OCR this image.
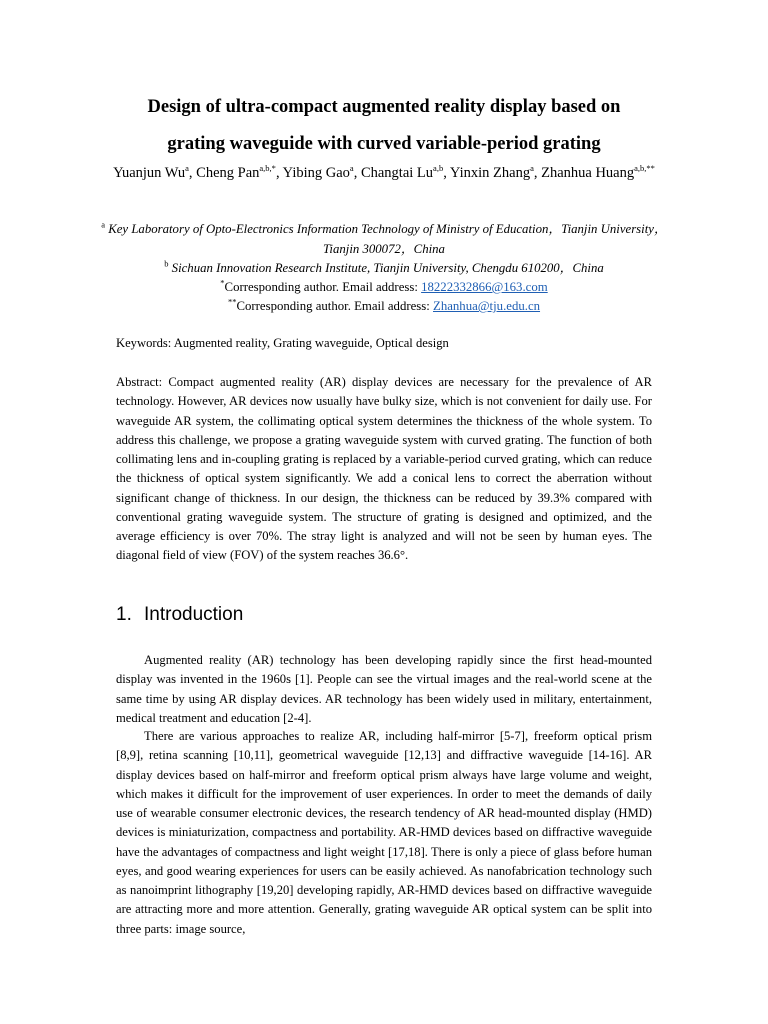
Design of ultra-compact augmented reality display based on
grating waveguide with curved variable-period grating
Yuanjun Wu$^a$, Cheng Pan$^{a,b,*}$, Yibing Gao$^a$, Changtai Lu$^{a,b}$, Yinxin Zhang$^a$, Zhanhua Huang$^{a,b,**}$
$^a$ Key Laboratory of Opto-Electronics Information Technology of Ministry of Education，Tianjin University，Tianjin 300072，China
$^b$ Sichuan Innovation Research Institute, Tianjin University, Chengdu 610200，China
*Corresponding author. Email address: 18222332866@163.com
**Corresponding author. Email address: Zhanhua@tju.edu.cn
Keywords: Augmented reality, Grating waveguide, Optical design
Abstract: Compact augmented reality (AR) display devices are necessary for the prevalence of AR technology. However, AR devices now usually have bulky size, which is not convenient for daily use. For waveguide AR system, the collimating optical system determines the thickness of the whole system. To address this challenge, we propose a grating waveguide system with curved grating. The function of both collimating lens and in-coupling grating is replaced by a variable-period curved grating, which can reduce the thickness of optical system significantly. We add a conical lens to correct the aberration without significant change of thickness. In our design, the thickness can be reduced by 39.3% compared with conventional grating waveguide system. The structure of grating is designed and optimized, and the average efficiency is over 70%. The stray light is analyzed and will not be seen by human eyes. The diagonal field of view (FOV) of the system reaches 36.6°.
1. Introduction
Augmented reality (AR) technology has been developing rapidly since the first head-mounted display was invented in the 1960s [1]. People can see the virtual images and the real-world scene at the same time by using AR display devices. AR technology has been widely used in military, entertainment, medical treatment and education [2-4].
There are various approaches to realize AR, including half-mirror [5-7], freeform optical prism [8,9], retina scanning [10,11], geometrical waveguide [12,13] and diffractive waveguide [14-16]. AR display devices based on half-mirror and freeform optical prism always have large volume and weight, which makes it difficult for the improvement of user experiences. In order to meet the demands of daily use of wearable consumer electronic devices, the research tendency of AR head-mounted display (HMD) devices is miniaturization, compactness and portability. AR-HMD devices based on diffractive waveguide have the advantages of compactness and light weight [17,18]. There is only a piece of glass before human eyes, and good wearing experiences for users can be easily achieved. As nanofabrication technology such as nanoimprint lithography [19,20] developing rapidly, AR-HMD devices based on diffractive waveguide are attracting more and more attention. Generally, grating waveguide AR optical system can be split into three parts: image source,
